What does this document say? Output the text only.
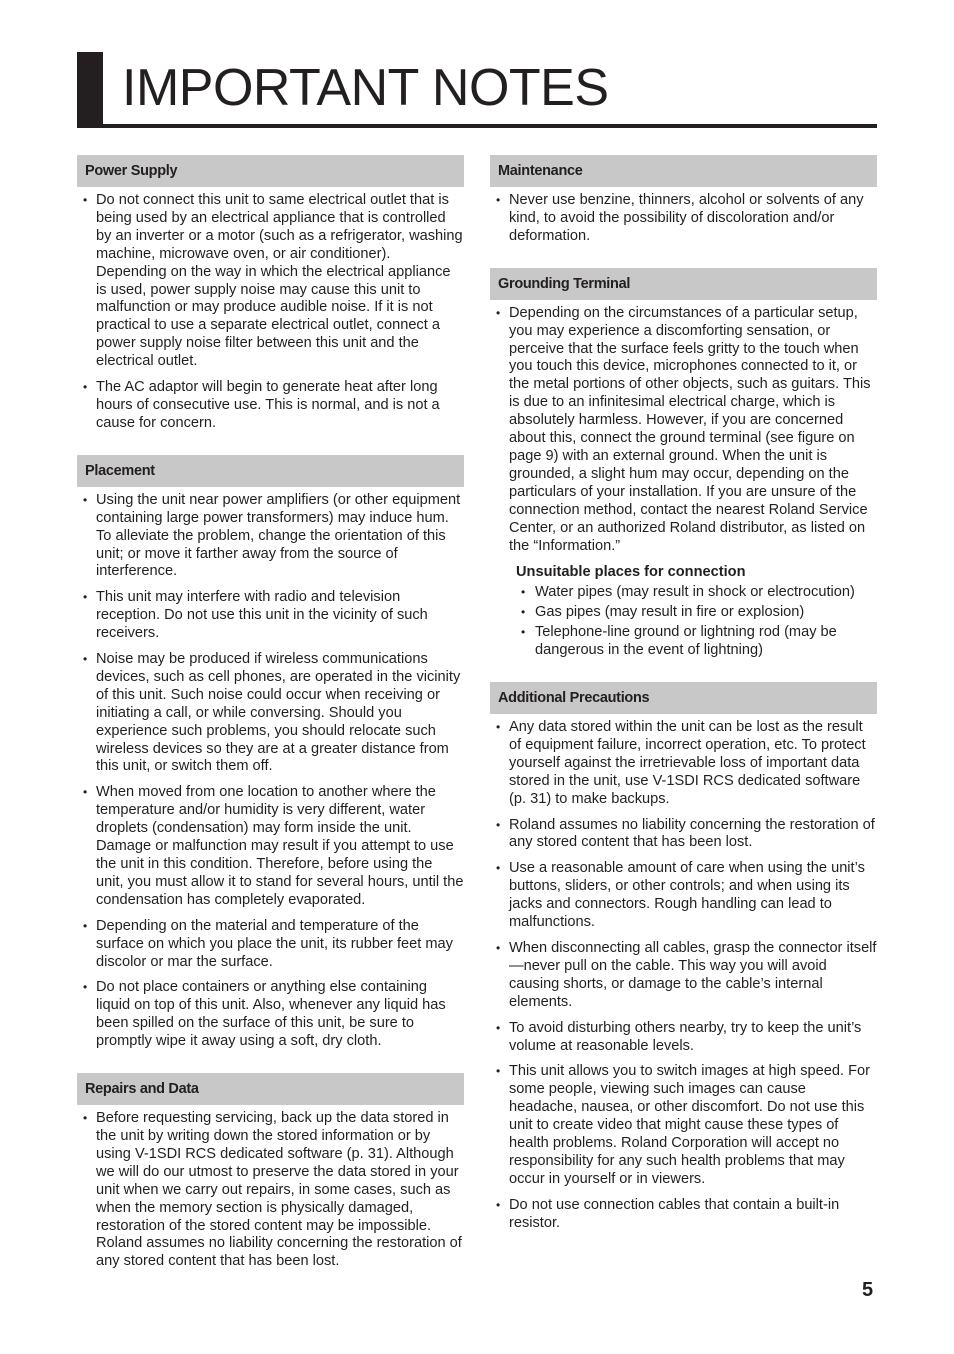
IMPORTANT NOTES
Power Supply
• Do not connect this unit to same electrical outlet that is being used by an electrical appliance that is controlled by an inverter or a motor (such as a refrigerator, washing machine, microwave oven, or air conditioner). Depending on the way in which the electrical appliance is used, power supply noise may cause this unit to malfunction or may produce audible noise. If it is not practical to use a separate electrical outlet, connect a power supply noise filter between this unit and the electrical outlet.
• The AC adaptor will begin to generate heat after long hours of consecutive use. This is normal, and is not a cause for concern.
Placement
• Using the unit near power amplifiers (or other equipment containing large power transformers) may induce hum. To alleviate the problem, change the orientation of this unit; or move it farther away from the source of interference.
• This unit may interfere with radio and television reception. Do not use this unit in the vicinity of such receivers.
• Noise may be produced if wireless communications devices, such as cell phones, are operated in the vicinity of this unit. Such noise could occur when receiving or initiating a call, or while conversing. Should you experience such problems, you should relocate such wireless devices so they are at a greater distance from this unit, or switch them off.
• When moved from one location to another where the temperature and/or humidity is very different, water droplets (condensation) may form inside the unit. Damage or malfunction may result if you attempt to use the unit in this condition. Therefore, before using the unit, you must allow it to stand for several hours, until the condensation has completely evaporated.
• Depending on the material and temperature of the surface on which you place the unit, its rubber feet may discolor or mar the surface.
• Do not place containers or anything else containing liquid on top of this unit. Also, whenever any liquid has been spilled on the surface of this unit, be sure to promptly wipe it away using a soft, dry cloth.
Repairs and Data
• Before requesting servicing, back up the data stored in the unit by writing down the stored information or by using V-1SDI RCS dedicated software (p. 31). Although we will do our utmost to preserve the data stored in your unit when we carry out repairs, in some cases, such as when the memory section is physically damaged, restoration of the stored content may be impossible. Roland assumes no liability concerning the restoration of any stored content that has been lost.
Maintenance
• Never use benzine, thinners, alcohol or solvents of any kind, to avoid the possibility of discoloration and/or deformation.
Grounding Terminal
• Depending on the circumstances of a particular setup, you may experience a discomforting sensation, or perceive that the surface feels gritty to the touch when you touch this device, microphones connected to it, or the metal portions of other objects, such as guitars. This is due to an infinitesimal electrical charge, which is absolutely harmless. However, if you are concerned about this, connect the ground terminal (see figure on page 9) with an external ground. When the unit is grounded, a slight hum may occur, depending on the particulars of your installation. If you are unsure of the connection method, contact the nearest Roland Service Center, or an authorized Roland distributor, as listed on the “Information.”
Unsuitable places for connection
• Water pipes (may result in shock or electrocution)
• Gas pipes (may result in fire or explosion)
• Telephone-line ground or lightning rod (may be dangerous in the event of lightning)
Additional Precautions
• Any data stored within the unit can be lost as the result of equipment failure, incorrect operation, etc. To protect yourself against the irretrievable loss of important data stored in the unit, use V-1SDI RCS dedicated software (p. 31) to make backups.
• Roland assumes no liability concerning the restoration of any stored content that has been lost.
• Use a reasonable amount of care when using the unit’s buttons, sliders, or other controls; and when using its jacks and connectors. Rough handling can lead to malfunctions.
• When disconnecting all cables, grasp the connector itself—never pull on the cable. This way you will avoid causing shorts, or damage to the cable’s internal elements.
• To avoid disturbing others nearby, try to keep the unit’s volume at reasonable levels.
• This unit allows you to switch images at high speed. For some people, viewing such images can cause headache, nausea, or other discomfort. Do not use this unit to create video that might cause these types of health problems. Roland Corporation will accept no responsibility for any such health problems that may occur in yourself or in viewers.
• Do not use connection cables that contain a built-in resistor.
5
